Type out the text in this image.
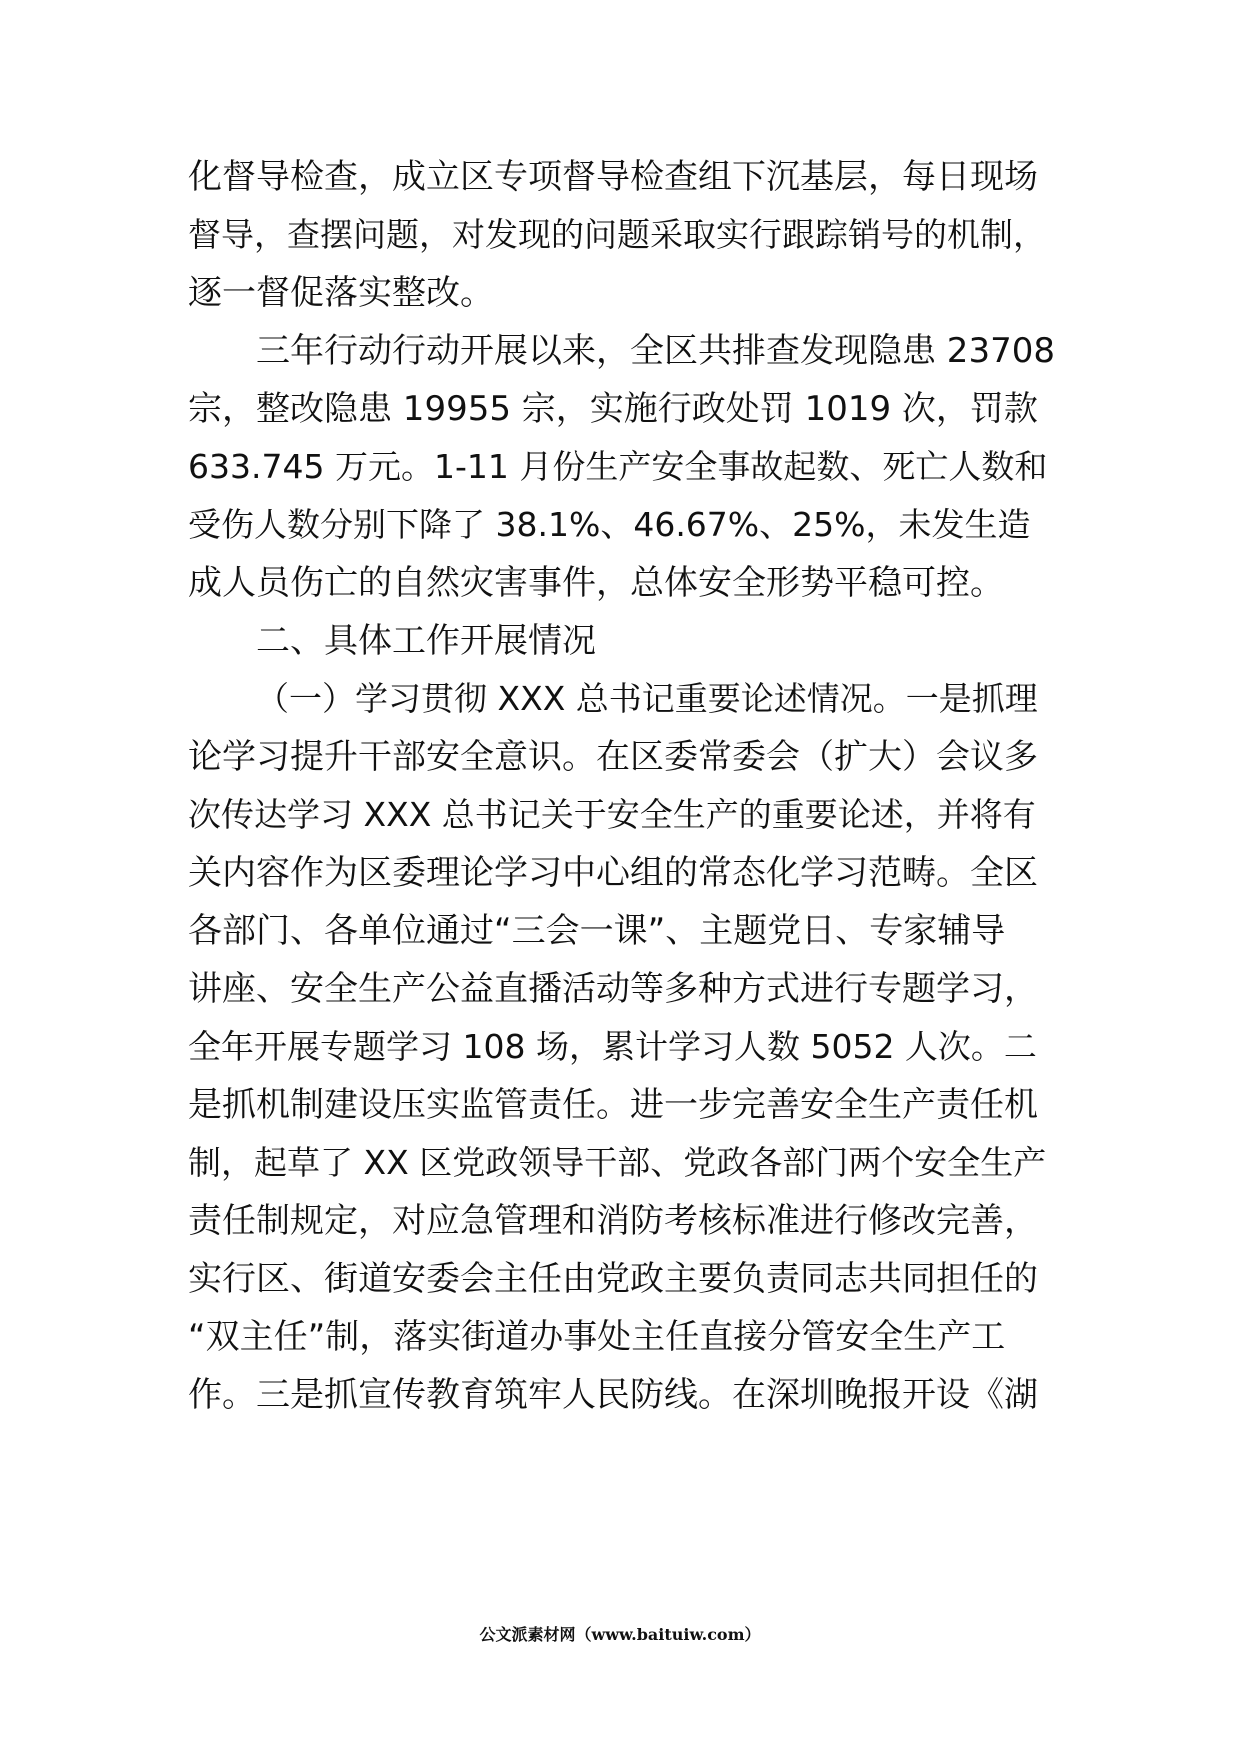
化督导检查，成立区专项督导检查组下沉基层，每日现场
督导，查摆问题，对发现的问题采取实行跟踪销号的机制，
逐一督促落实整改。
三年行动行动开展以来，全区共排查发现隐患 23708
宗，整改隐患 19955 宗，实施行政处罚 1019 次，罚款
633.745 万元。1-11 月份生产安全事故起数、死亡人数和
受伤人数分别下降了 38.1%、46.67%、25%，未发生造
成人员伤亡的自然灾害事件，总体安全形势平稳可控。
二、具体工作开展情况
（一）学习贯彻 XXX 总书记重要论述情况。一是抓理
论学习提升干部安全意识。在区委常委会（扩大）会议多
次传达学习 XXX 总书记关于安全生产的重要论述，并将有
关内容作为区委理论学习中心组的常态化学习范畴。全区
各部门、各单位通过“三会一课”、主题党日、专家辅导
讲座、安全生产公益直播活动等多种方式进行专题学习，
全年开展专题学习 108 场，累计学习人数 5052 人次。二
是抓机制建设压实监管责任。进一步完善安全生产责任机
制，起草了 XX 区党政领导干部、党政各部门两个安全生产
责任制规定，对应急管理和消防考核标准进行修改完善，
实行区、街道安委会主任由党政主要负责同志共同担任的
“双主任”制，落实街道办事处主任直接分管安全生产工
作。三是抓宣传教育筑牢人民防线。在深圳晚报开设《湖
公文派素材网（www.baituiw.com）
